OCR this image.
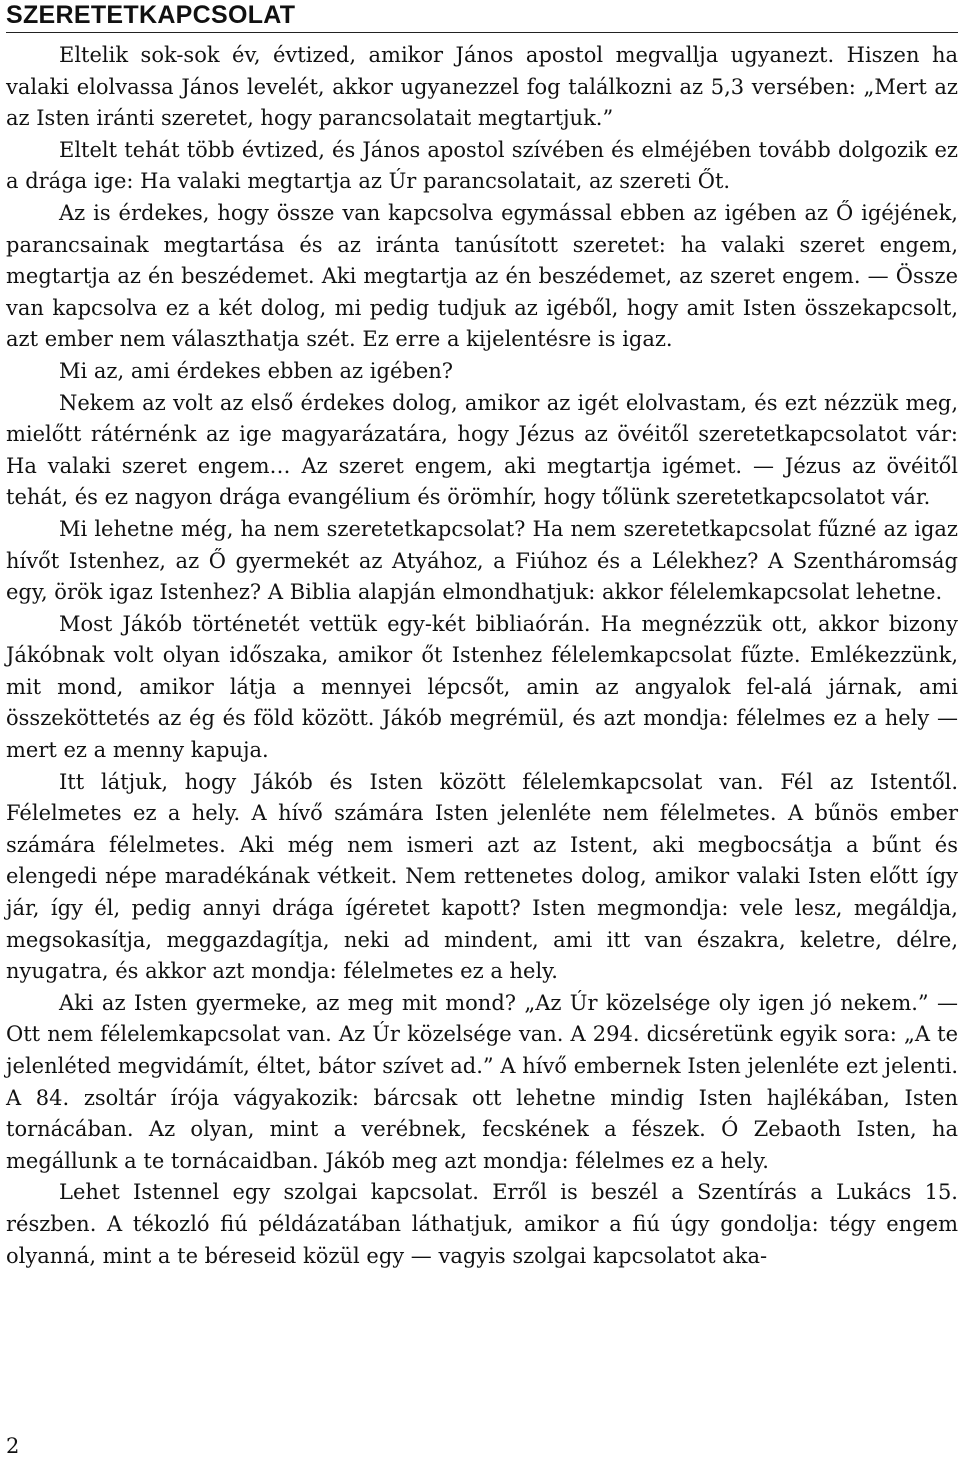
SZERETETKAPCSOLAT

Eltelik sok-sok év, évtized, amikor János apostol megvallja ugyanezt. Hiszen ha valaki elolvassa János levelét, akkor ugyanezzel fog találkozni az 5,3 versében: „Mert az az Isten iránti szeretet, hogy parancsolatait megtartjuk.”

Eltelt tehát több évtized, és János apostol szívében és elméjében tovább dolgozik ez a drága ige: Ha valaki megtartja az Úr parancsolatait, az szereti Őt.

Az is érdekes, hogy össze van kapcsolva egymással ebben az igében az Ő igéjének, parancsainak megtartása és az iránta tanúsított szeretet: ha valaki szeret engem, megtartja az én beszédemet. Aki megtartja az én beszédemet, az szeret engem. — Össze van kapcsolva ez a két dolog, mi pedig tudjuk az igéből, hogy amit Isten összekapcsolt, azt ember nem választhatja szét. Ez erre a kijelentésre is igaz.

Mi az, ami érdekes ebben az igében?

Nekem az volt az első érdekes dolog, amikor az igét elolvastam, és ezt nézzük meg, mielőtt rátérnénk az ige magyarázatára, hogy Jézus az övéitől szeretetkapcsolatot vár: Ha valaki szeret engem… Az szeret engem, aki megtartja igémet. — Jézus az övéitől tehát, és ez nagyon drága evangélium és örömhír, hogy tőlünk szeretetkapcsolatot vár.

Mi lehetne még, ha nem szeretetkapcsolat? Ha nem szeretetkapcsolat fűzné az igaz hívőt Istenhez, az Ő gyermekét az Atyához, a Fiúhoz és a Lélekhez? A Szentháromság egy, örök igaz Istenhez? A Biblia alapján elmondhatjuk: akkor félelemkapcsolat lehetne.

Most Jákób történetét vettük egy-két bibliaórán. Ha megnézzük ott, akkor bizony Jákóbnak volt olyan időszaka, amikor őt Istenhez félelemkapcsolat fűzte. Emlékezzünk, mit mond, amikor látja a mennyei lépcsőt, amin az angyalok fel-alá járnak, ami összeköttetés az ég és föld között. Jákób megrémül, és azt mondja: félelmes ez a hely — mert ez a menny kapuja.

Itt látjuk, hogy Jákób és Isten között félelemkapcsolat van. Fél az Istentől. Félelmetes ez a hely. A hívő számára Isten jelenléte nem félelmetes. A bűnös ember számára félelmetes. Aki még nem ismeri azt az Istent, aki megbocsátja a bűnt és elengedi népe maradékának vétkeit. Nem rettenetes dolog, amikor valaki Isten előtt így jár, így él, pedig annyi drága ígéretet kapott? Isten megmondja: vele lesz, megáldja, megsokasítja, meggazdagítja, neki ad mindent, ami itt van északra, keletre, délre, nyugatra, és akkor azt mondja: félelmetes ez a hely.

Aki az Isten gyermeke, az meg mit mond? „Az Úr közelsége oly igen jó nekem.” — Ott nem félelemkapcsolat van. Az Úr közelsége van. A 294. dicséretünk egyik sora: „A te jelenléted megvidámít, éltet, bátor szívet ad.” A hívő embernek Isten jelenléte ezt jelenti. A 84. zsoltár írója vágyakozik: bárcsak ott lehetne mindig Isten hajlékában, Isten tornácában. Az olyan, mint a verébnek, fecskének a fészek. Ó Zebaoth Isten, ha megállunk a te tornácaidban. Jákób meg azt mondja: félelmes ez a hely.

Lehet Istennel egy szolgai kapcsolat. Erről is beszél a Szentírás a Lukács 15. részben. A tékozló fiú példázatában láthatjuk, amikor a fiú úgy gondolja: tégy engem olyanná, mint a te béreseid közül egy — vagyis szolgai kapcsolatot aka-

2
